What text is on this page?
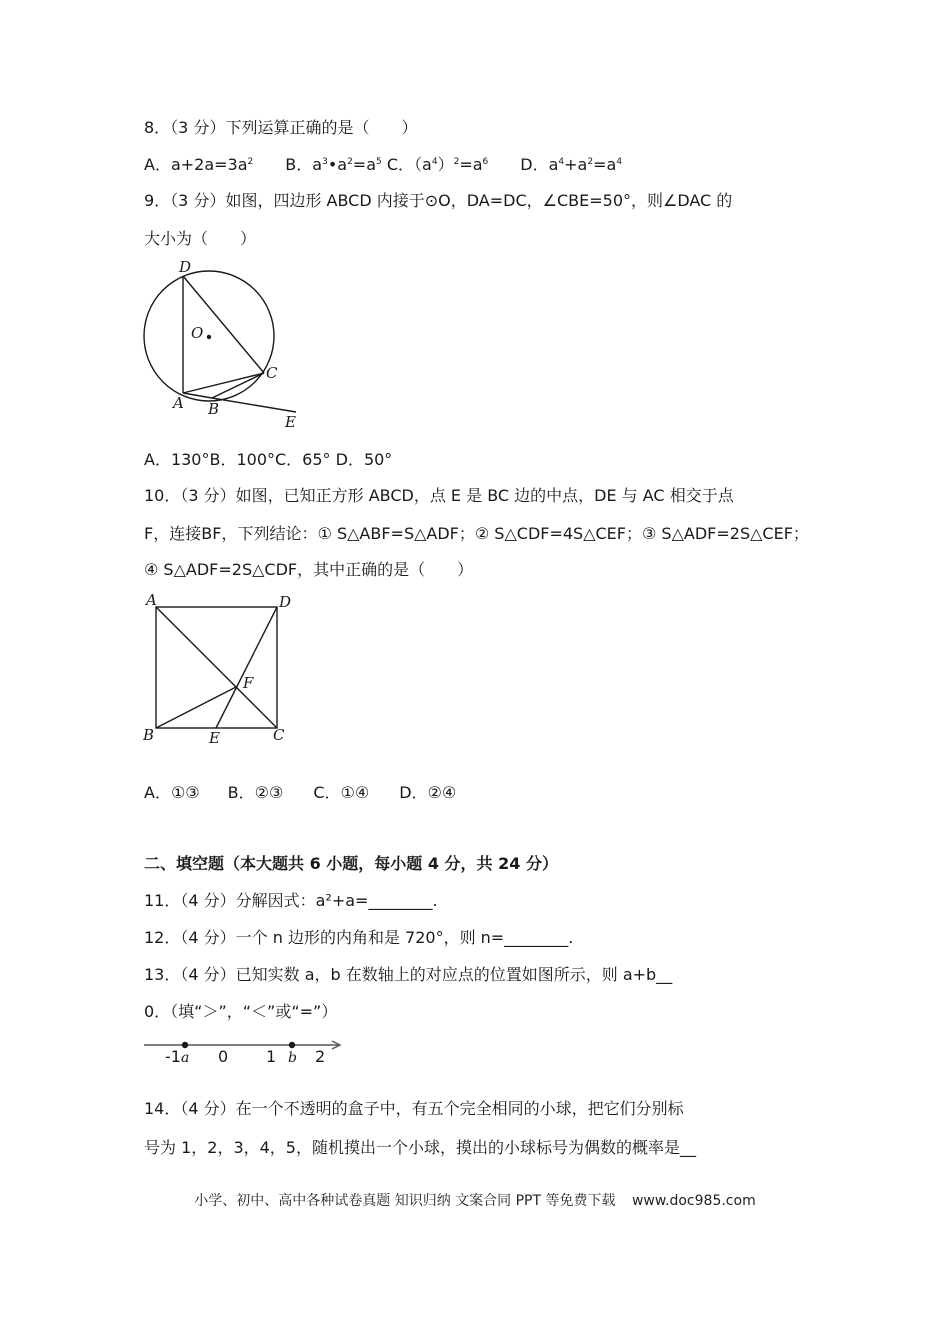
8．（3 分）下列运算正确的是（　　）
A．$a+2a=3a^2$　　B．$a^3•a^2=a^5$ C．$(a^4)^2=a^6$　　D．$a^4+a^2=a^4$
9．（3 分）如图，四边形 ABCD 内接于⊙O，DA=DC，∠CBE=50°，则∠DAC 的
大小为（　　）
D
O
C
A B
E
A．130°B．100°C．65° D．50°
10．（3 分）如图，已知正方形 ABCD，点 E 是 BC 边的中点，DE 与 AC 相交于点
F， 连 接 BF， 下 列 结 论 ： ① S△ABF=S△ADF； ② S△CDF=4S△CEF； ③ S△ADF=2S△CEF；
④ S△ADF=2S△CDF，其中正确的是（　　）
A	D
F
B	E	C
A．①③ B．②③ C．①④ D．②④
二、填空题（本大题共 6 小题，每小题 4 分，共 24 分）
11．（4 分）分解因式：a²+a=________.
12．（4 分）一个 n 边形的内角和是 720°，则 n=________.
13．（4 分）已知实数 a，b 在数轴上的对应点的位置如图所示，则 a+b__
0．（填“＞”，“＜”或“=”）
-1 0 1 2
a	b
14．（4 分）在一个不透明的盒子中，有五个完全相同的小球，把它们分别标
号为 1，2，3，4，5，随机摸出一个小球，摸出的小球标号为偶数的概率是__
小学、初中、高中各种试卷真题 知识归纳 文案合同 PPT 等免费下载 www.doc985.com
